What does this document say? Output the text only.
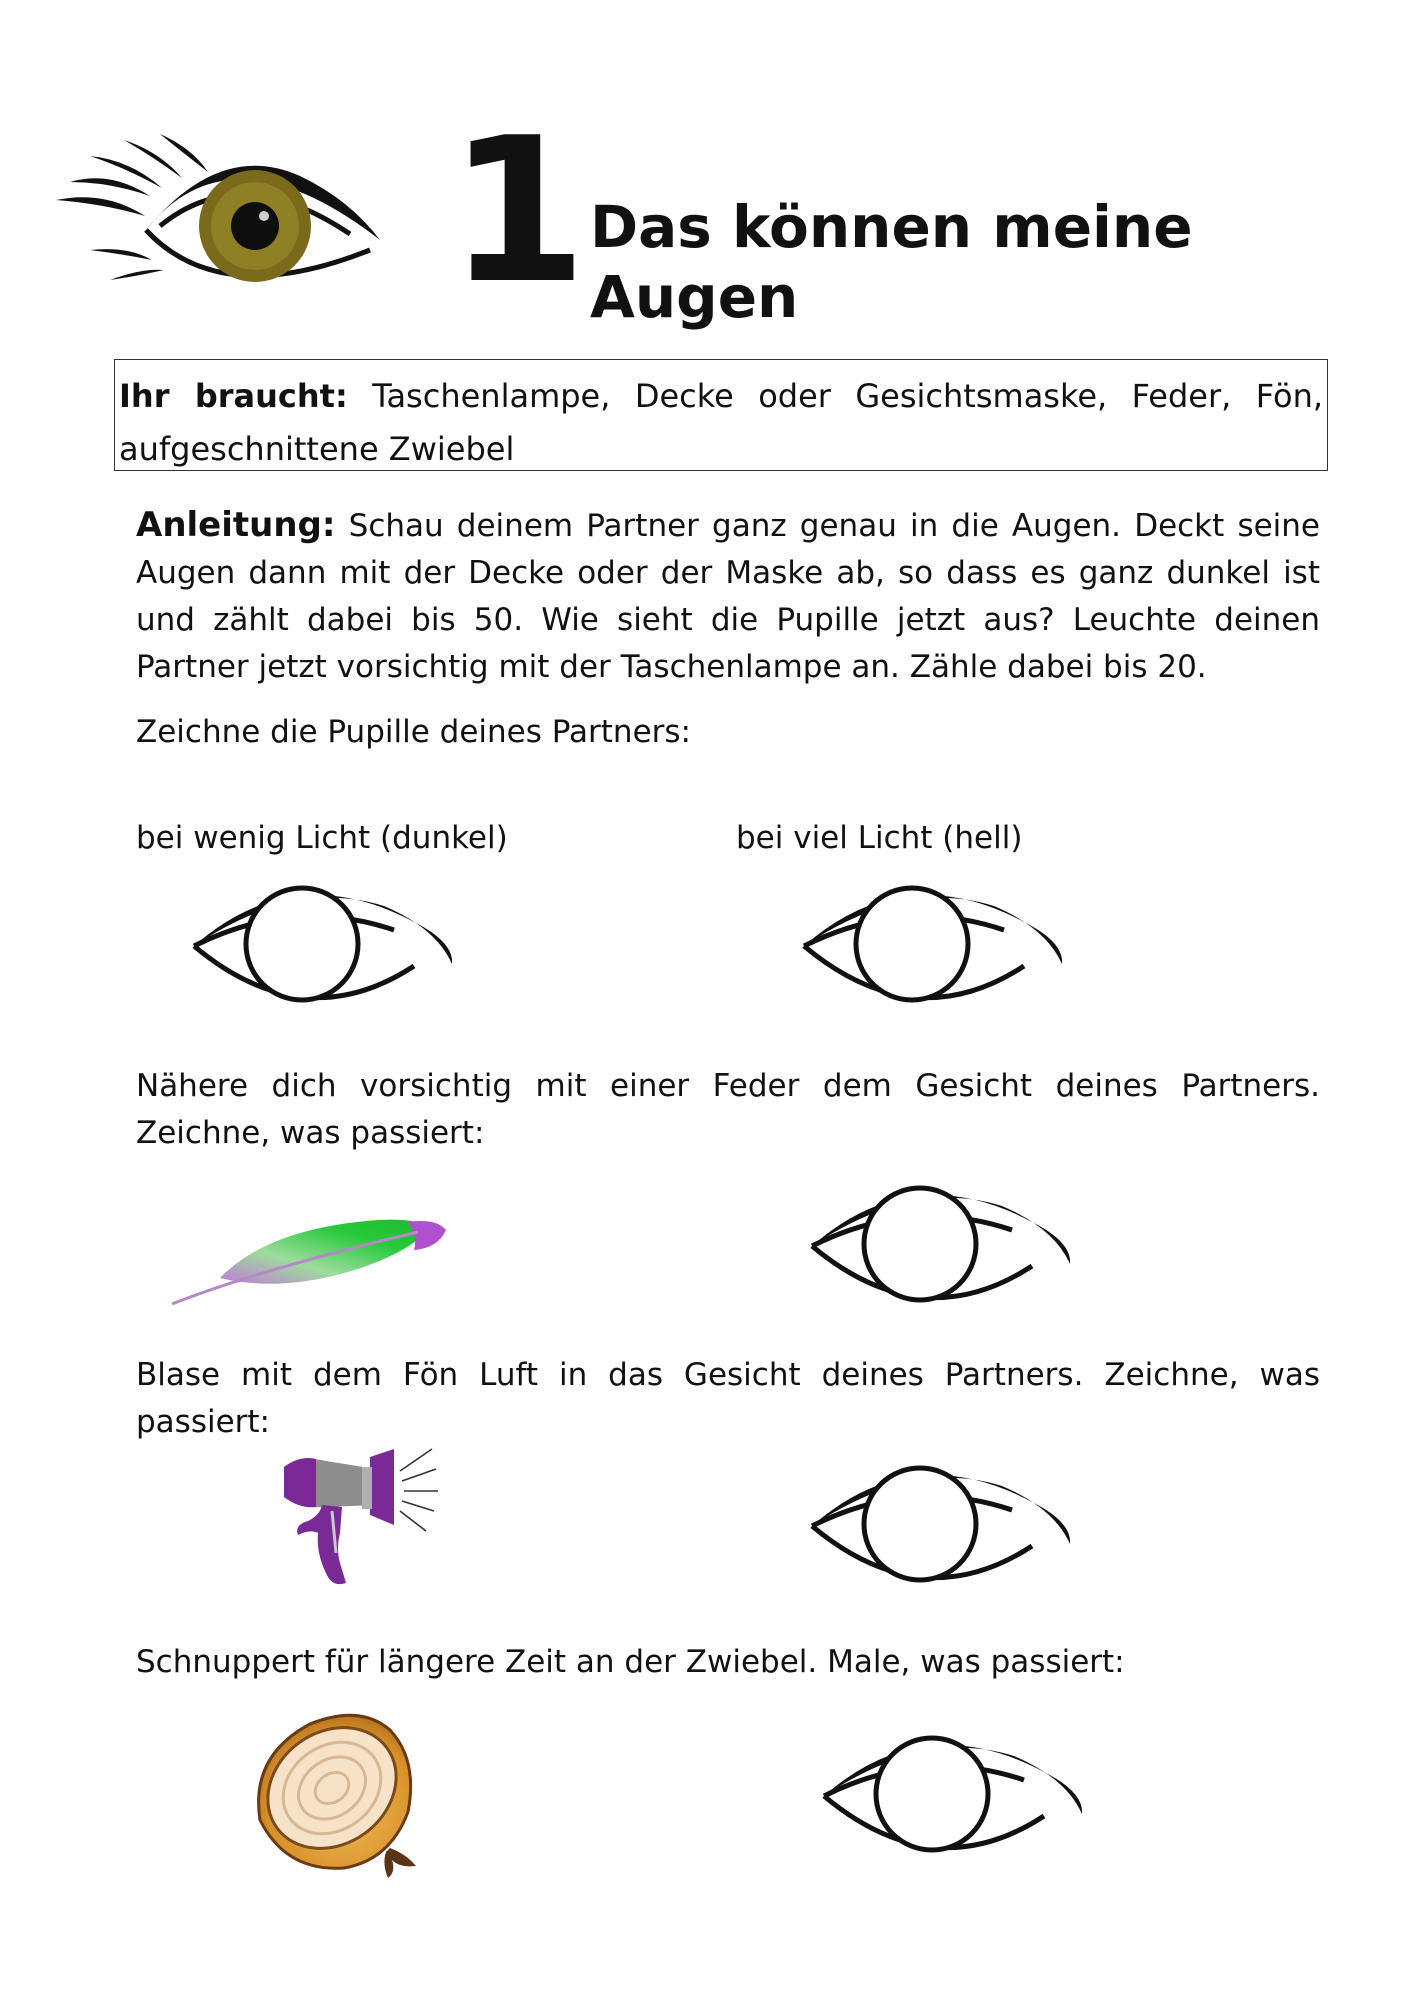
1 Das können meine Augen
Ihr braucht: Taschenlampe, Decke oder Gesichtsmaske, Feder, Fön, aufgeschnittene Zwiebel
Anleitung: Schau deinem Partner ganz genau in die Augen. Deckt seine Augen dann mit der Decke oder der Maske ab, so dass es ganz dunkel ist und zählt dabei bis 50. Wie sieht die Pupille jetzt aus? Leuchte deinen Partner jetzt vorsichtig mit der Taschenlampe an. Zähle dabei bis 20.
Zeichne die Pupille deines Partners:
bei wenig Licht (dunkel)	bei viel Licht (hell)
Nähere dich vorsichtig mit einer Feder dem Gesicht deines Partners. Zeichne, was passiert:
Blase mit dem Fön Luft in das Gesicht deines Partners. Zeichne, was passiert:
Schnuppert für längere Zeit an der Zwiebel. Male, was passiert:
